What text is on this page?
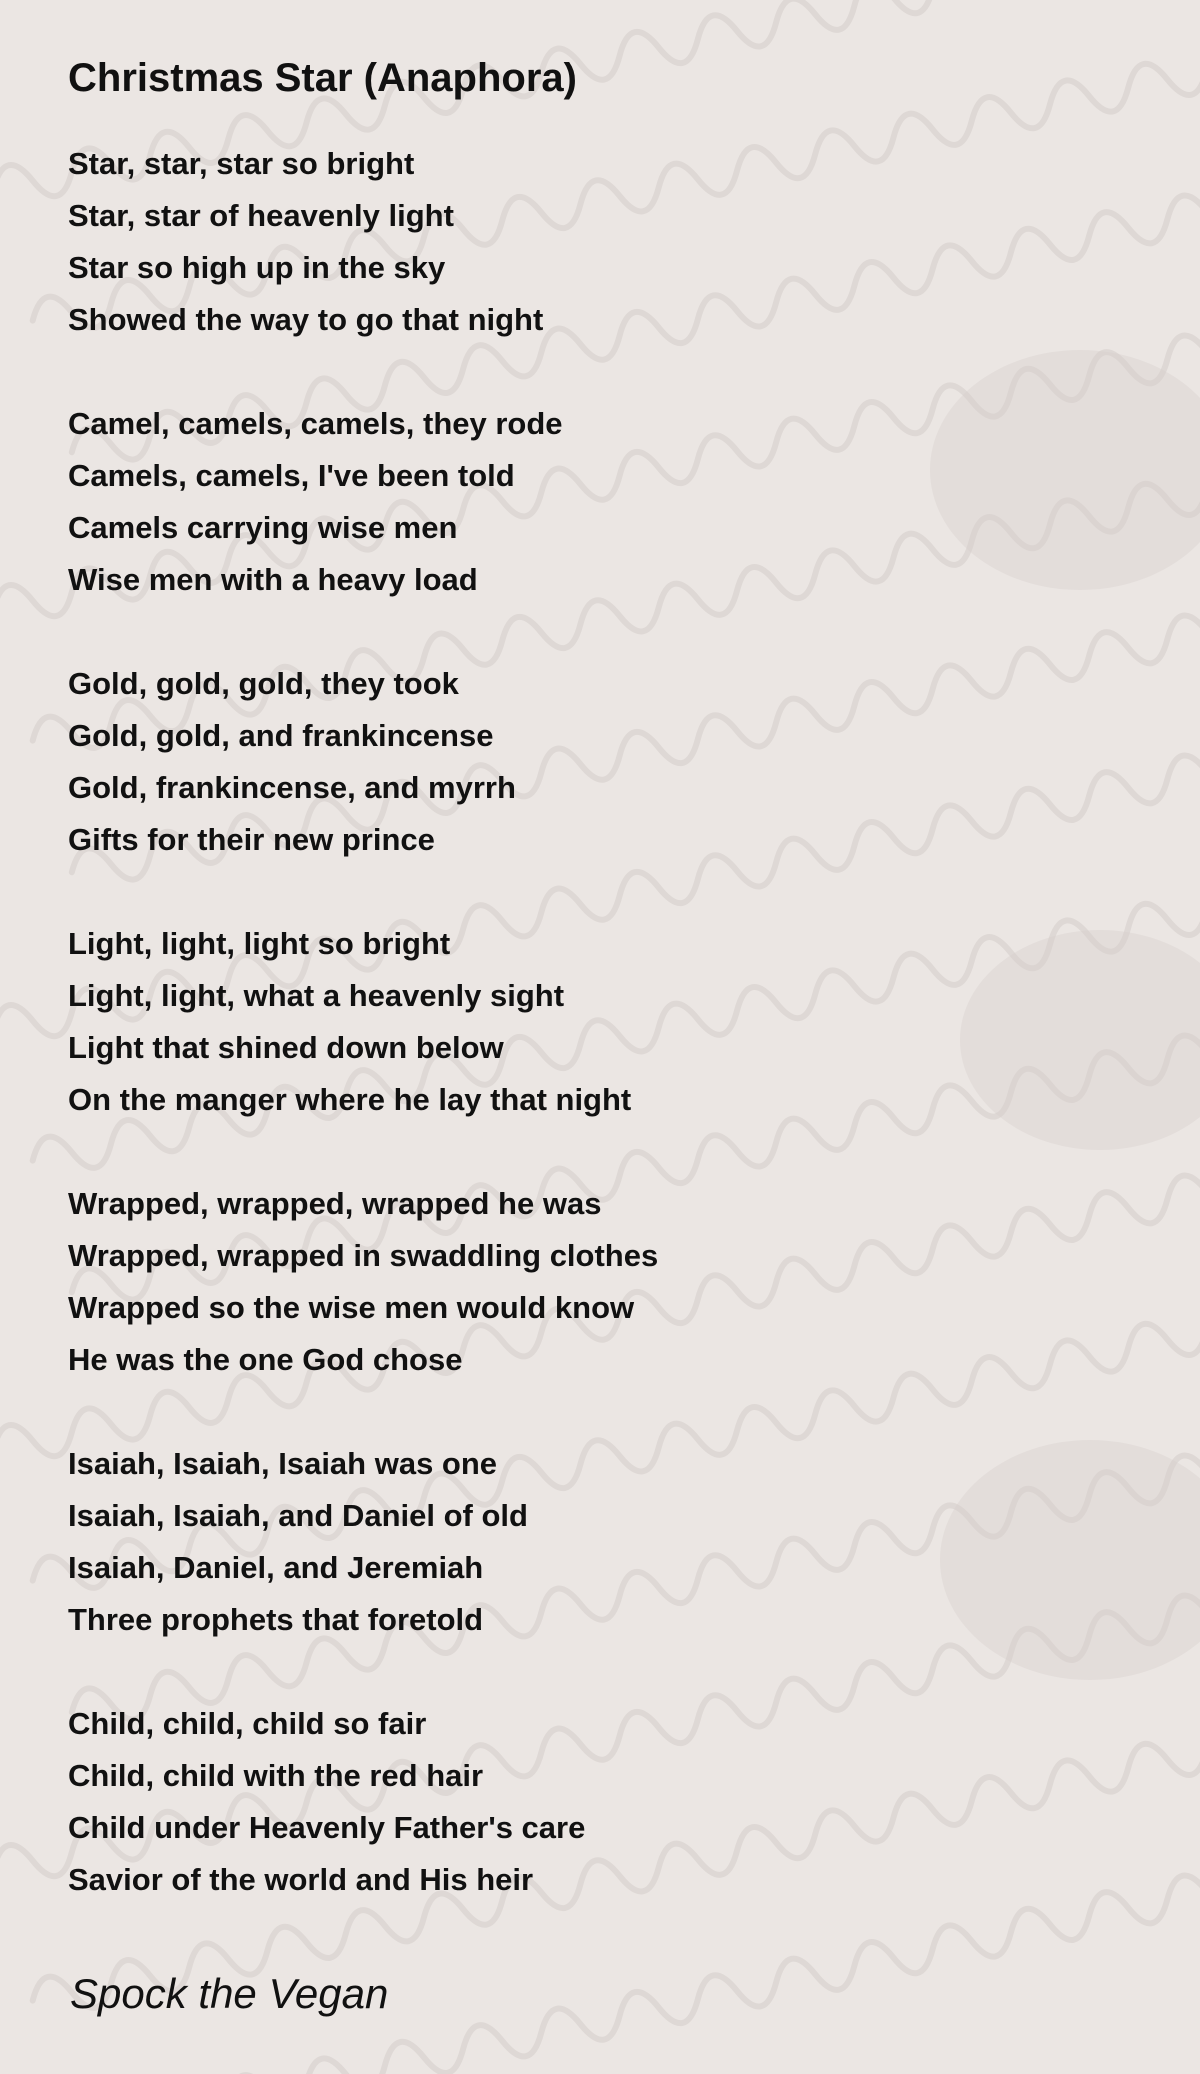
Christmas Star (Anaphora)
Star, star, star so bright
Star, star of heavenly light
Star so high up in the sky
Showed the way to go that night
Camel, camels, camels, they rode
Camels, camels, I've been told
Camels carrying wise men
Wise men with a heavy load
Gold, gold, gold, they took
Gold, gold, and frankincense
Gold, frankincense, and myrrh
Gifts for their new prince
Light, light, light so bright
Light, light, what a heavenly sight
Light that shined down below
On the manger where he lay that night
Wrapped, wrapped, wrapped he was
Wrapped, wrapped in swaddling clothes
Wrapped so the wise men would know
He was the one God chose
Isaiah, Isaiah, Isaiah was one
Isaiah, Isaiah, and Daniel of old
Isaiah, Daniel, and Jeremiah
Three prophets that foretold
Child, child, child so fair
Child, child with the red hair
Child under Heavenly Father's care
Savior of the world and His heir
Spock the Vegan
